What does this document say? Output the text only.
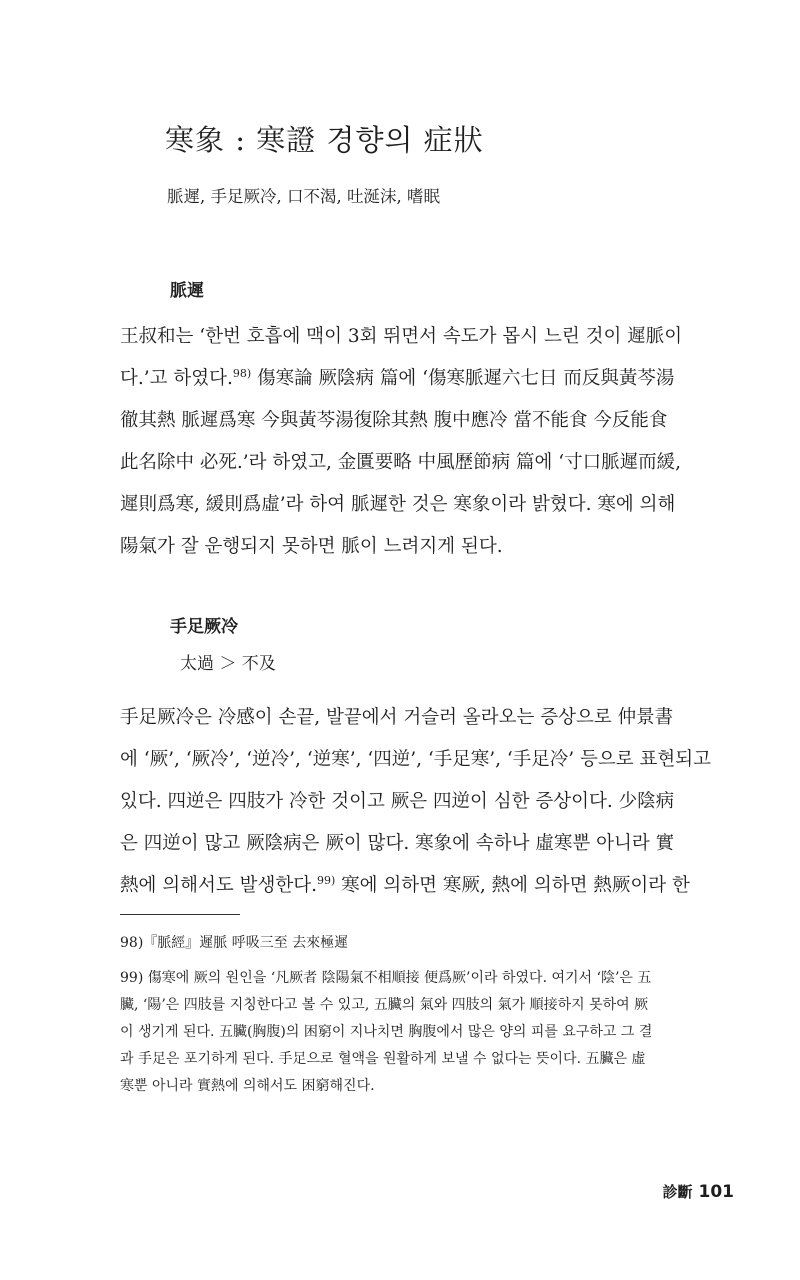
寒象 : 寒證 경향의 症狀
脈遲, 手足厥冷, 口不渴, 吐涎沫, 嗜眠
脈遲
王叔和는 ‘한번 호흡에 맥이 3회 뛰면서 속도가 몹시 느린 것이 遲脈이
다.’고 하였다.$^{98)}$ 傷寒論 厥陰病 篇에 ‘傷寒脈遲六七日 而反與黃芩湯
徹其熱 脈遲爲寒 今與黃芩湯復除其熱 腹中應冷 當不能食 今反能食
此名除中 必死.’라 하였고, 金匱要略 中風歷節病 篇에 ‘寸口脈遲而緩,
遲則爲寒, 緩則爲虛’라 하여 脈遲한 것은 寒象이라 밝혔다. 寒에 의해
陽氣가 잘 운행되지 못하면 脈이 느려지게 된다.
手足厥冷
太過 ＞ 不及
手足厥冷은 冷感이 손끝, 발끝에서 거슬러 올라오는 증상으로 仲景書
에 ‘厥’, ‘厥冷’, ‘逆冷’, ‘逆寒’, ‘四逆’, ‘手足寒’, ‘手足冷’ 등으로 표현되고
있다. 四逆은 四肢가 冷한 것이고 厥은 四逆이 심한 증상이다. 少陰病
은 四逆이 많고 厥陰病은 厥이 많다. 寒象에 속하나 虛寒뿐 아니라 實
熱에 의해서도 발생한다.$^{99)}$ 寒에 의하면 寒厥, 熱에 의하면 熱厥이라 한
98)『脈經』遲脈 呼吸三至 去來極遲
99) 傷寒에 厥의 원인을 ‘凡厥者 陰陽氣不相順接 便爲厥’이라 하였다. 여기서 ‘陰’은 五
臟, ‘陽’은 四肢를 지칭한다고 볼 수 있고, 五臟의 氣와 四肢의 氣가 順接하지 못하여 厥
이 생기게 된다. 五臟(胸腹)의 困窮이 지나치면 胸腹에서 많은 양의 피를 요구하고 그 결
과 手足은 포기하게 된다. 手足으로 혈액을 원활하게 보낼 수 없다는 뜻이다. 五臟은 虛
寒뿐 아니라 實熱에 의해서도 困窮해진다.
診斷 101
